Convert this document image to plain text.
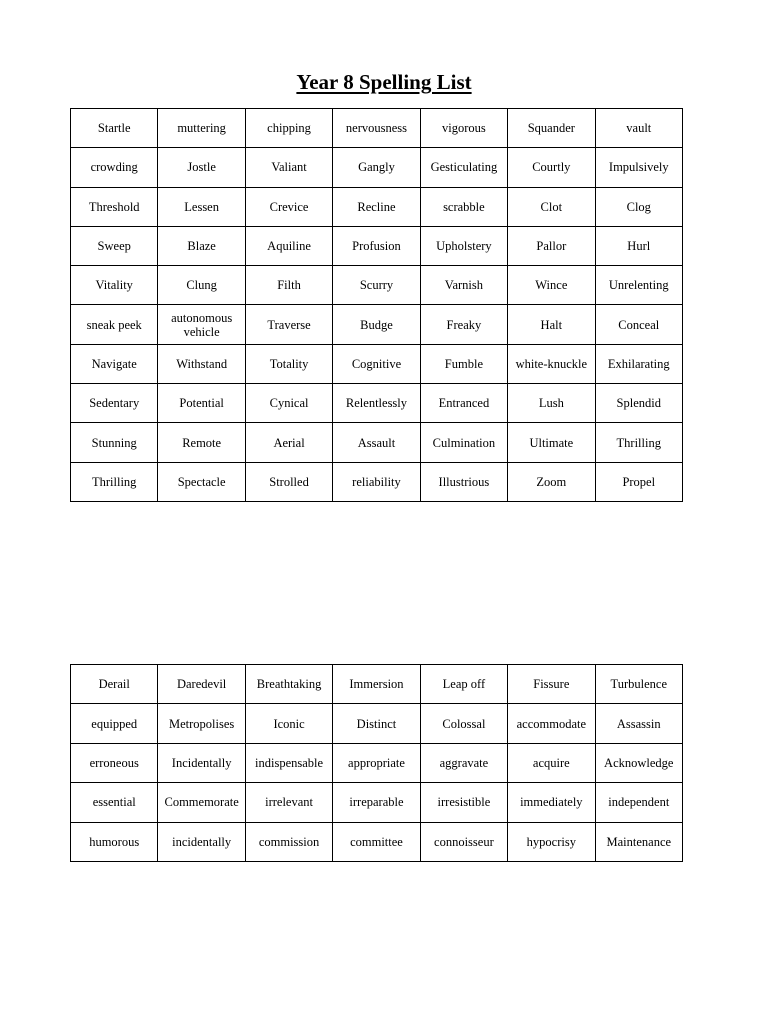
Year 8 Spelling List
Startle	muttering	chipping	nervousness	vigorous	Squander	vault
crowding	Jostle	Valiant	Gangly	Gesticulating	Courtly	Impulsively
Threshold	Lessen	Crevice	Recline	scrabble	Clot	Clog
Sweep	Blaze	Aquiline	Profusion	Upholstery	Pallor	Hurl
Vitality	Clung	Filth	Scurry	Varnish	Wince	Unrelenting
sneak peek	autonomous vehicle	Traverse	Budge	Freaky	Halt	Conceal
Navigate	Withstand	Totality	Cognitive	Fumble	white-knuckle	Exhilarating
Sedentary	Potential	Cynical	Relentlessly	Entranced	Lush	Splendid
Stunning	Remote	Aerial	Assault	Culmination	Ultimate	Thrilling
Thrilling	Spectacle	Strolled	reliability	Illustrious	Zoom	Propel
Derail	Daredevil	Breathtaking	Immersion	Leap off	Fissure	Turbulence
equipped	Metropolises	Iconic	Distinct	Colossal	accommodate	Assassin
erroneous	Incidentally	indispensable	appropriate	aggravate	acquire	Acknowledge
essential	Commemorate	irrelevant	irreparable	irresistible	immediately	independent
humorous	incidentally	commission	committee	connoisseur	hypocrisy	Maintenance
